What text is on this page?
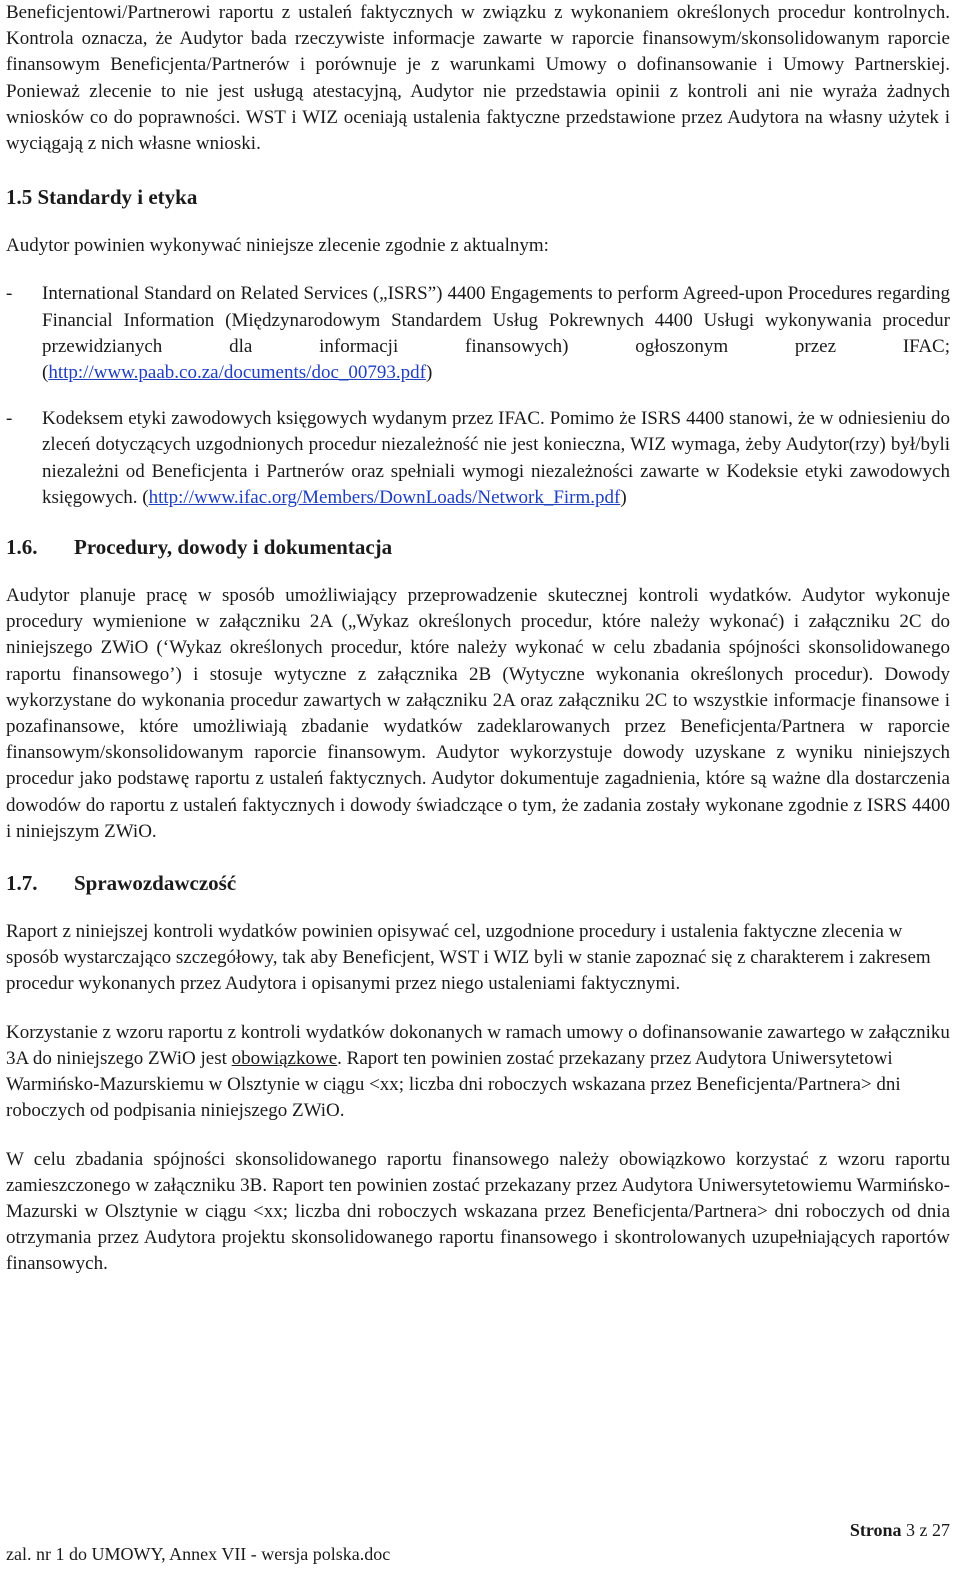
Beneficjentowi/Partnerowi raportu z ustaleń faktycznych w związku z wykonaniem określonych procedur kontrolnych. Kontrola oznacza, że Audytor bada rzeczywiste informacje zawarte w raporcie finansowym/skonsolidowanym raporcie finansowym Beneficjenta/Partnerów i porównuje je z warunkami Umowy o dofinansowanie i Umowy Partnerskiej. Ponieważ zlecenie to nie jest usługą atestacyjną, Audytor nie przedstawia opinii z kontroli ani nie wyraża żadnych wniosków co do poprawności. WST i WIZ oceniają ustalenia faktyczne przedstawione przez Audytora na własny użytek i wyciągają z nich własne wnioski.

1.5 Standardy i etyka

Audytor powinien wykonywać niniejsze zlecenie zgodnie z aktualnym:

-	International Standard on Related Services („ISRS”) 4400 Engagements to perform Agreed-upon Procedures regarding Financial Information (Międzynarodowym Standardem Usług Pokrewnych 4400 Usługi wykonywania procedur przewidzianych dla informacji finansowych) ogłoszonym przez IFAC; (http://www.paab.co.za/documents/doc_00793.pdf)
-	Kodeksem etyki zawodowych księgowych wydanym przez IFAC. Pomimo że ISRS 4400 stanowi, że w odniesieniu do zleceń dotyczących uzgodnionych procedur niezależność nie jest konieczna, WIZ wymaga, żeby Audytor(rzy) był/byli niezależni od Beneficjenta i Partnerów oraz spełniali wymogi niezależności zawarte w Kodeksie etyki zawodowych księgowych. (http://www.ifac.org/Members/DownLoads/Network_Firm.pdf)
1.6. Procedury, dowody i dokumentacja

Audytor planuje pracę w sposób umożliwiający przeprowadzenie skutecznej kontroli wydatków. Audytor wykonuje procedury wymienione w załączniku 2A („Wykaz określonych procedur, które należy wykonać) i załączniku 2C do niniejszego ZWiO (‘Wykaz określonych procedur, które należy wykonać w celu zbadania spójności skonsolidowanego raportu finansowego’) i stosuje wytyczne z załącznika 2B (Wytyczne wykonania określonych procedur). Dowody wykorzystane do wykonania procedur zawartych w załączniku 2A oraz załączniku 2C to wszystkie informacje finansowe i pozafinansowe, które umożliwiają zbadanie wydatków zadeklarowanych przez Beneficjenta/Partnera w raporcie finansowym/skonsolidowanym raporcie finansowym. Audytor wykorzystuje dowody uzyskane z wyniku niniejszych procedur jako podstawę raportu z ustaleń faktycznych. Audytor dokumentuje zagadnienia, które są ważne dla dostarczenia dowodów do raportu z ustaleń faktycznych i dowody świadczące o tym, że zadania zostały wykonane zgodnie z ISRS 4400 i niniejszym ZWiO.

1.7. Sprawozdawczość

Raport z niniejszej kontroli wydatków powinien opisywać cel, uzgodnione procedury i ustalenia faktyczne zlecenia w sposób wystarczająco szczegółowy, tak aby Beneficjent, WST i WIZ byli w stanie zapoznać się z charakterem i zakresem procedur wykonanych przez Audytora i opisanymi przez niego ustaleniami faktycznymi.

Korzystanie z wzoru raportu z kontroli wydatków dokonanych w ramach umowy o dofinansowanie zawartego w załączniku 3A do niniejszego ZWiO jest obowiązkowe. Raport ten powinien zostać przekazany przez Audytora Uniwersytetowi Warmińsko-Mazurskiemu w Olsztynie w ciągu <xx; liczba dni roboczych wskazana przez Beneficjenta/Partnera> dni roboczych od podpisania niniejszego ZWiO.

W celu zbadania spójności skonsolidowanego raportu finansowego należy obowiązkowo korzystać z wzoru raportu zamieszczonego w załączniku 3B. Raport ten powinien zostać przekazany przez Audytora Uniwersytetowiemu Warmińsko-Mazurski w Olsztynie w ciągu <xx; liczba dni roboczych wskazana przez Beneficjenta/Partnera> dni roboczych od dnia otrzymania przez Audytora projektu skonsolidowanego raportu finansowego i skontrolowanych uzupełniających raportów finansowych.

Strona 3 z 27
zal. nr 1 do UMOWY, Annex VII - wersja polska.doc
